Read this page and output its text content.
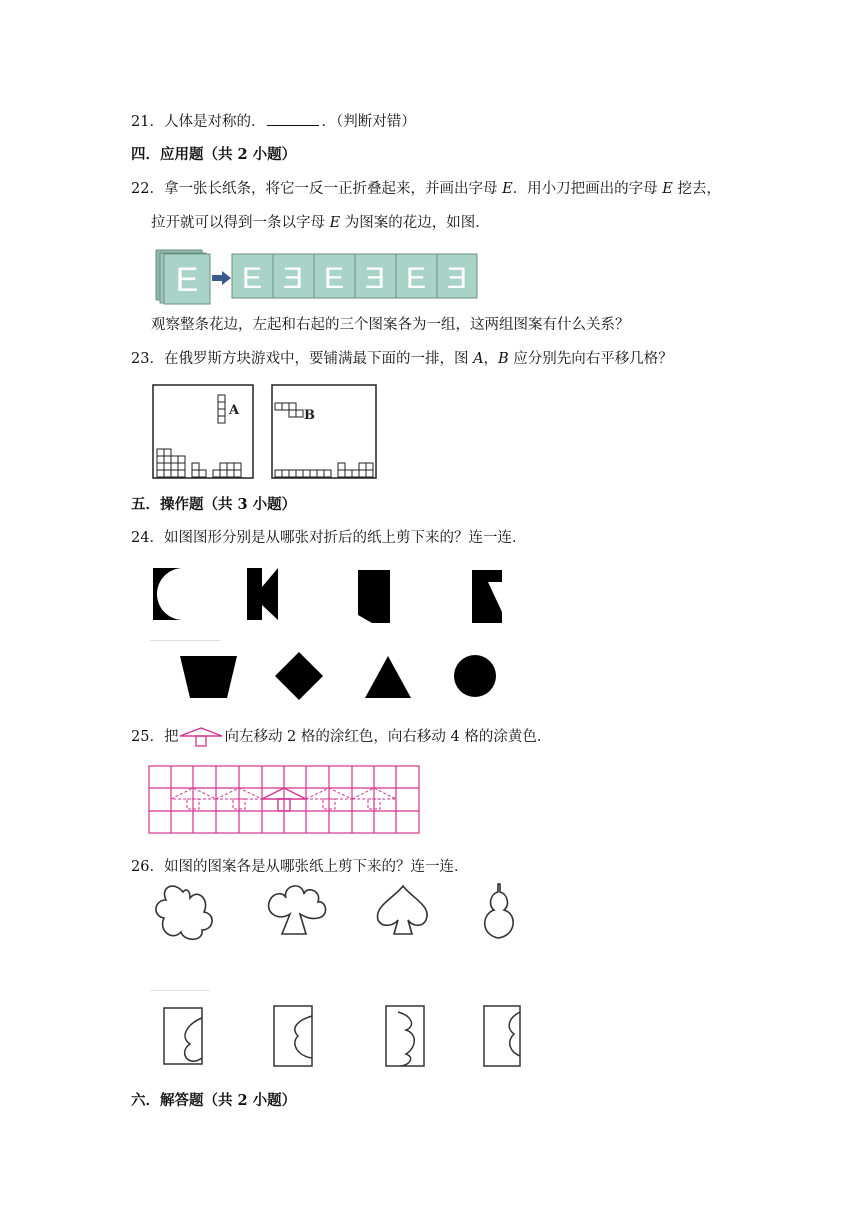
21．人体是对称的．	．（判断对错）
四．应用题（共 2 小题）
22．拿一张长纸条，将它一反一正折叠起来，并画出字母 E．用小刀把画出的字母 E 挖去，
拉开就可以得到一条以字母 E 为图案的花边，如图．
E E Ǝ E Ǝ E Ǝ
观察整条花边，左起和右起的三个图案各为一组，这两组图案有什么关系？
23．在俄罗斯方块游戏中，要铺满最下面的一排，图 A，B 应分别先向右平移几格？
A	B
五．操作题（共 3 小题）
24．如图图形分别是从哪张对折后的纸上剪下来的？连一连．
25．把	向左移动 2 格的涂红色，向右移动 4 格的涂黄色．
26．如图的图案各是从哪张纸上剪下来的？连一连．
六．解答题（共 2 小题）
